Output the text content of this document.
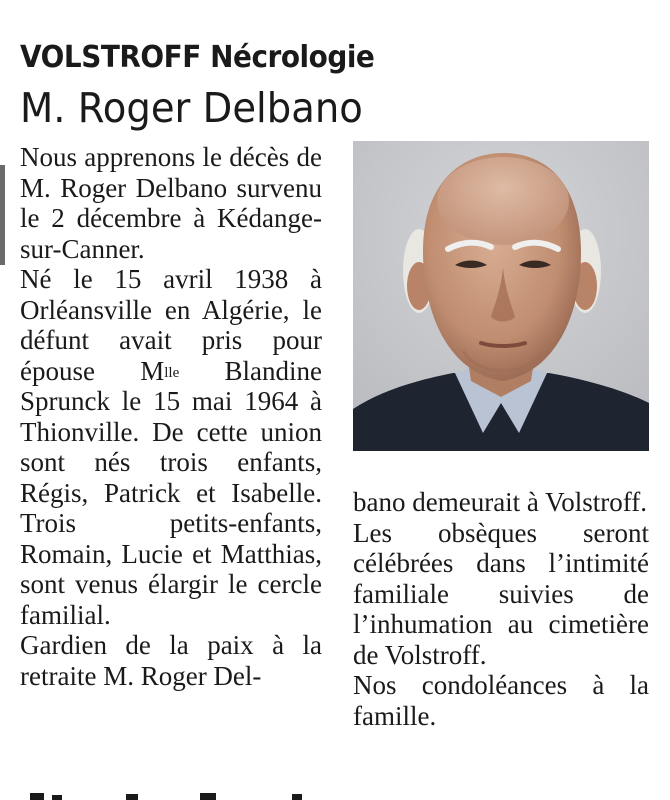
VOLSTROFF Nécrologie
M. Roger Delbano

Nous apprenons le décès de M. Roger Delbano survenu le 2 décembre à Kédange-sur-Canner.

Né le 15 avril 1938 à Orléansville en Algérie, le défunt avait pris pour épouse $M^{lle}$ Blandine Sprunck le 15 mai 1964 à Thionville. De cette union sont nés trois enfants, Régis, Patrick et Isabelle. Trois petits-enfants, Romain, Lucie et Matthias, sont venus élargir le cercle familial.

Gardien de la paix à la retraite M. Roger Del-

bano demeurait à Volstroff.

Les obsèques seront célébrées dans l’intimité familiale suivies de l’inhumation au cimetière de Volstroff.

Nos condoléances à la famille.
